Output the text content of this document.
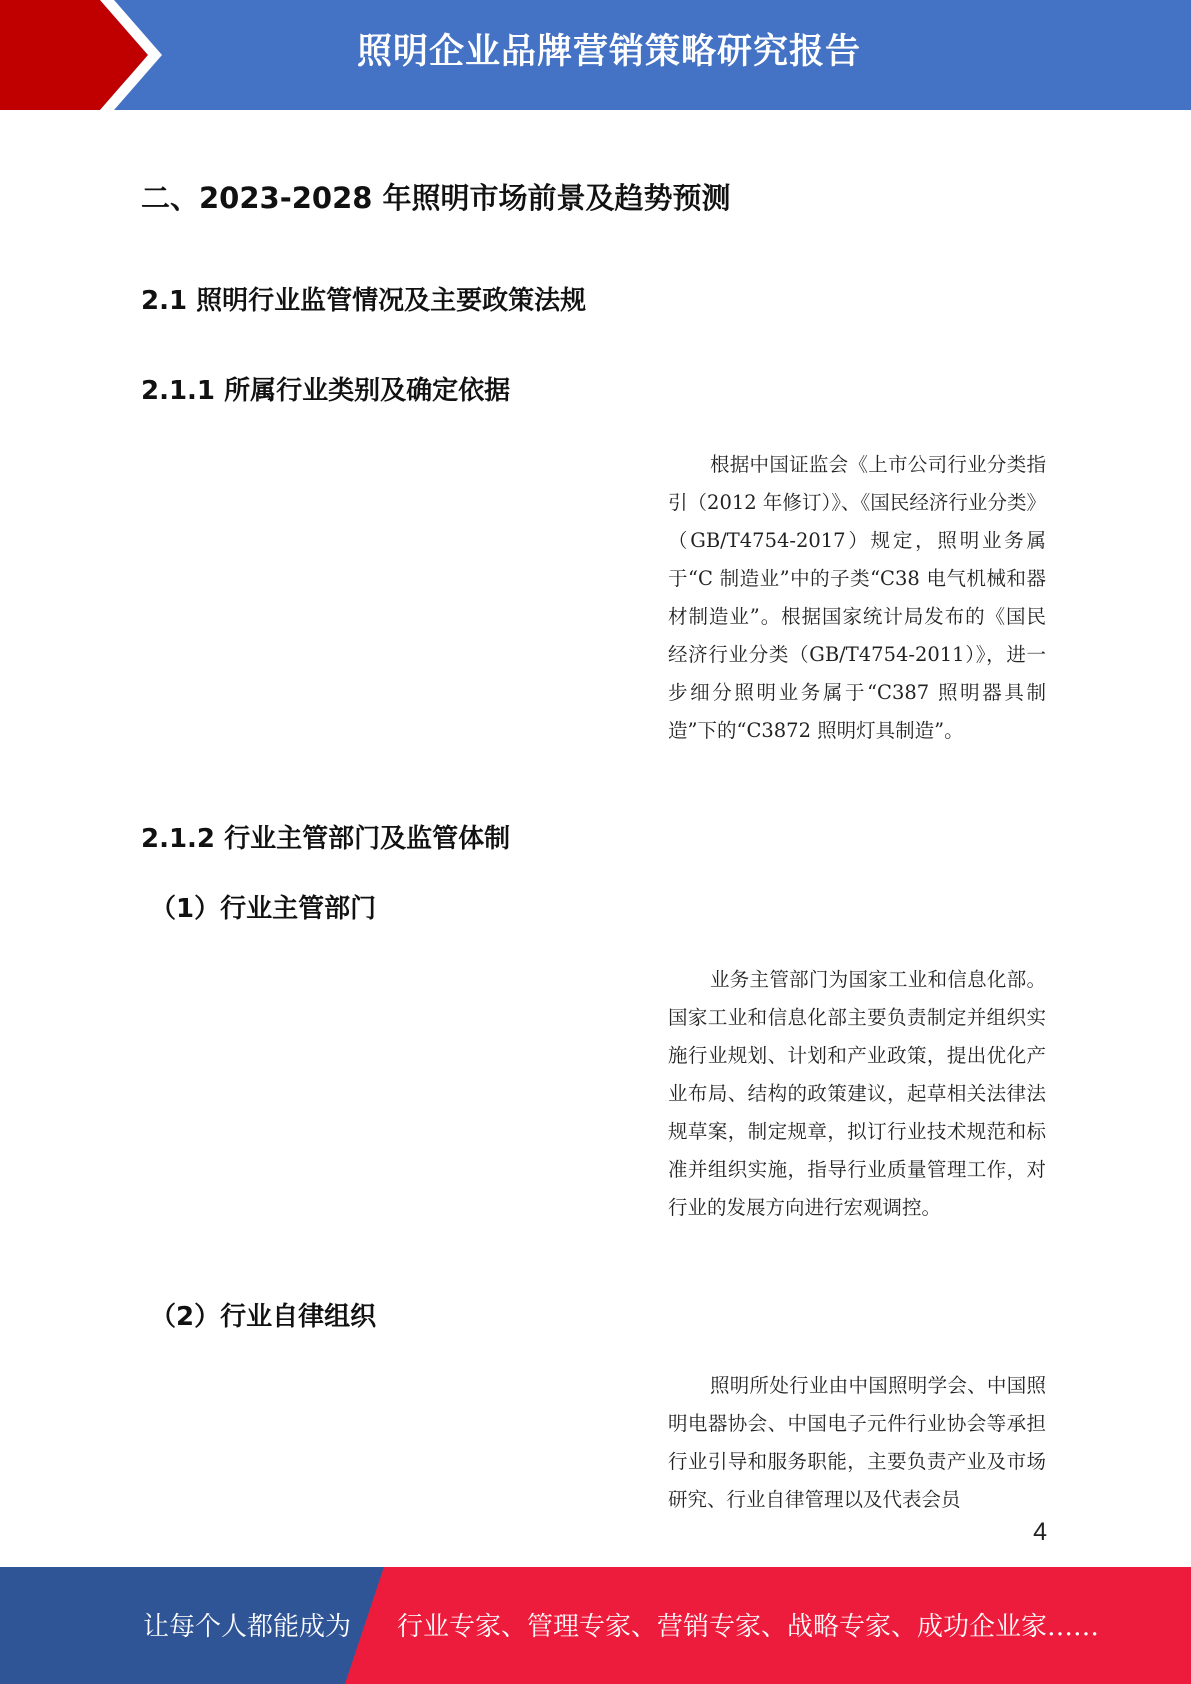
照明企业品牌营销策略研究报告
二、2023-2028 年照明市场前景及趋势预测
2.1 照明行业监管情况及主要政策法规
2.1.1 所属行业类别及确定依据

根据中国证监会《上市公司行业分类指引（2012 年修订）》、《国民经济行业分类》（GB/T4754-2017）规定，照明业务属于“C 制造业”中的子类“C38 电气机械和器材制造业”。根据国家统计局发布的《国民经济行业分类（GB/T4754-2011）》，进一步细分照明业务属于“C387 照明器具制造”下的“C3872 照明灯具制造”。

2.1.2 行业主管部门及监管体制
（1）行业主管部门

业务主管部门为国家工业和信息化部。国家工业和信息化部主要负责制定并组织实施行业规划、计划和产业政策，提出优化产业布局、结构的政策建议，起草相关法律法规草案，制定规章，拟订行业技术规范和标准并组织实施，指导行业质量管理工作，对行业的发展方向进行宏观调控。

（2）行业自律组织

照明所处行业由中国照明学会、中国照明电器协会、中国电子元件行业协会等承担行业引导和服务职能，主要负责产业及市场研究、行业自律管理以及代表会员

4
让每个人都能成为 行业专家、管理专家、营销专家、战略专家、成功企业家……
